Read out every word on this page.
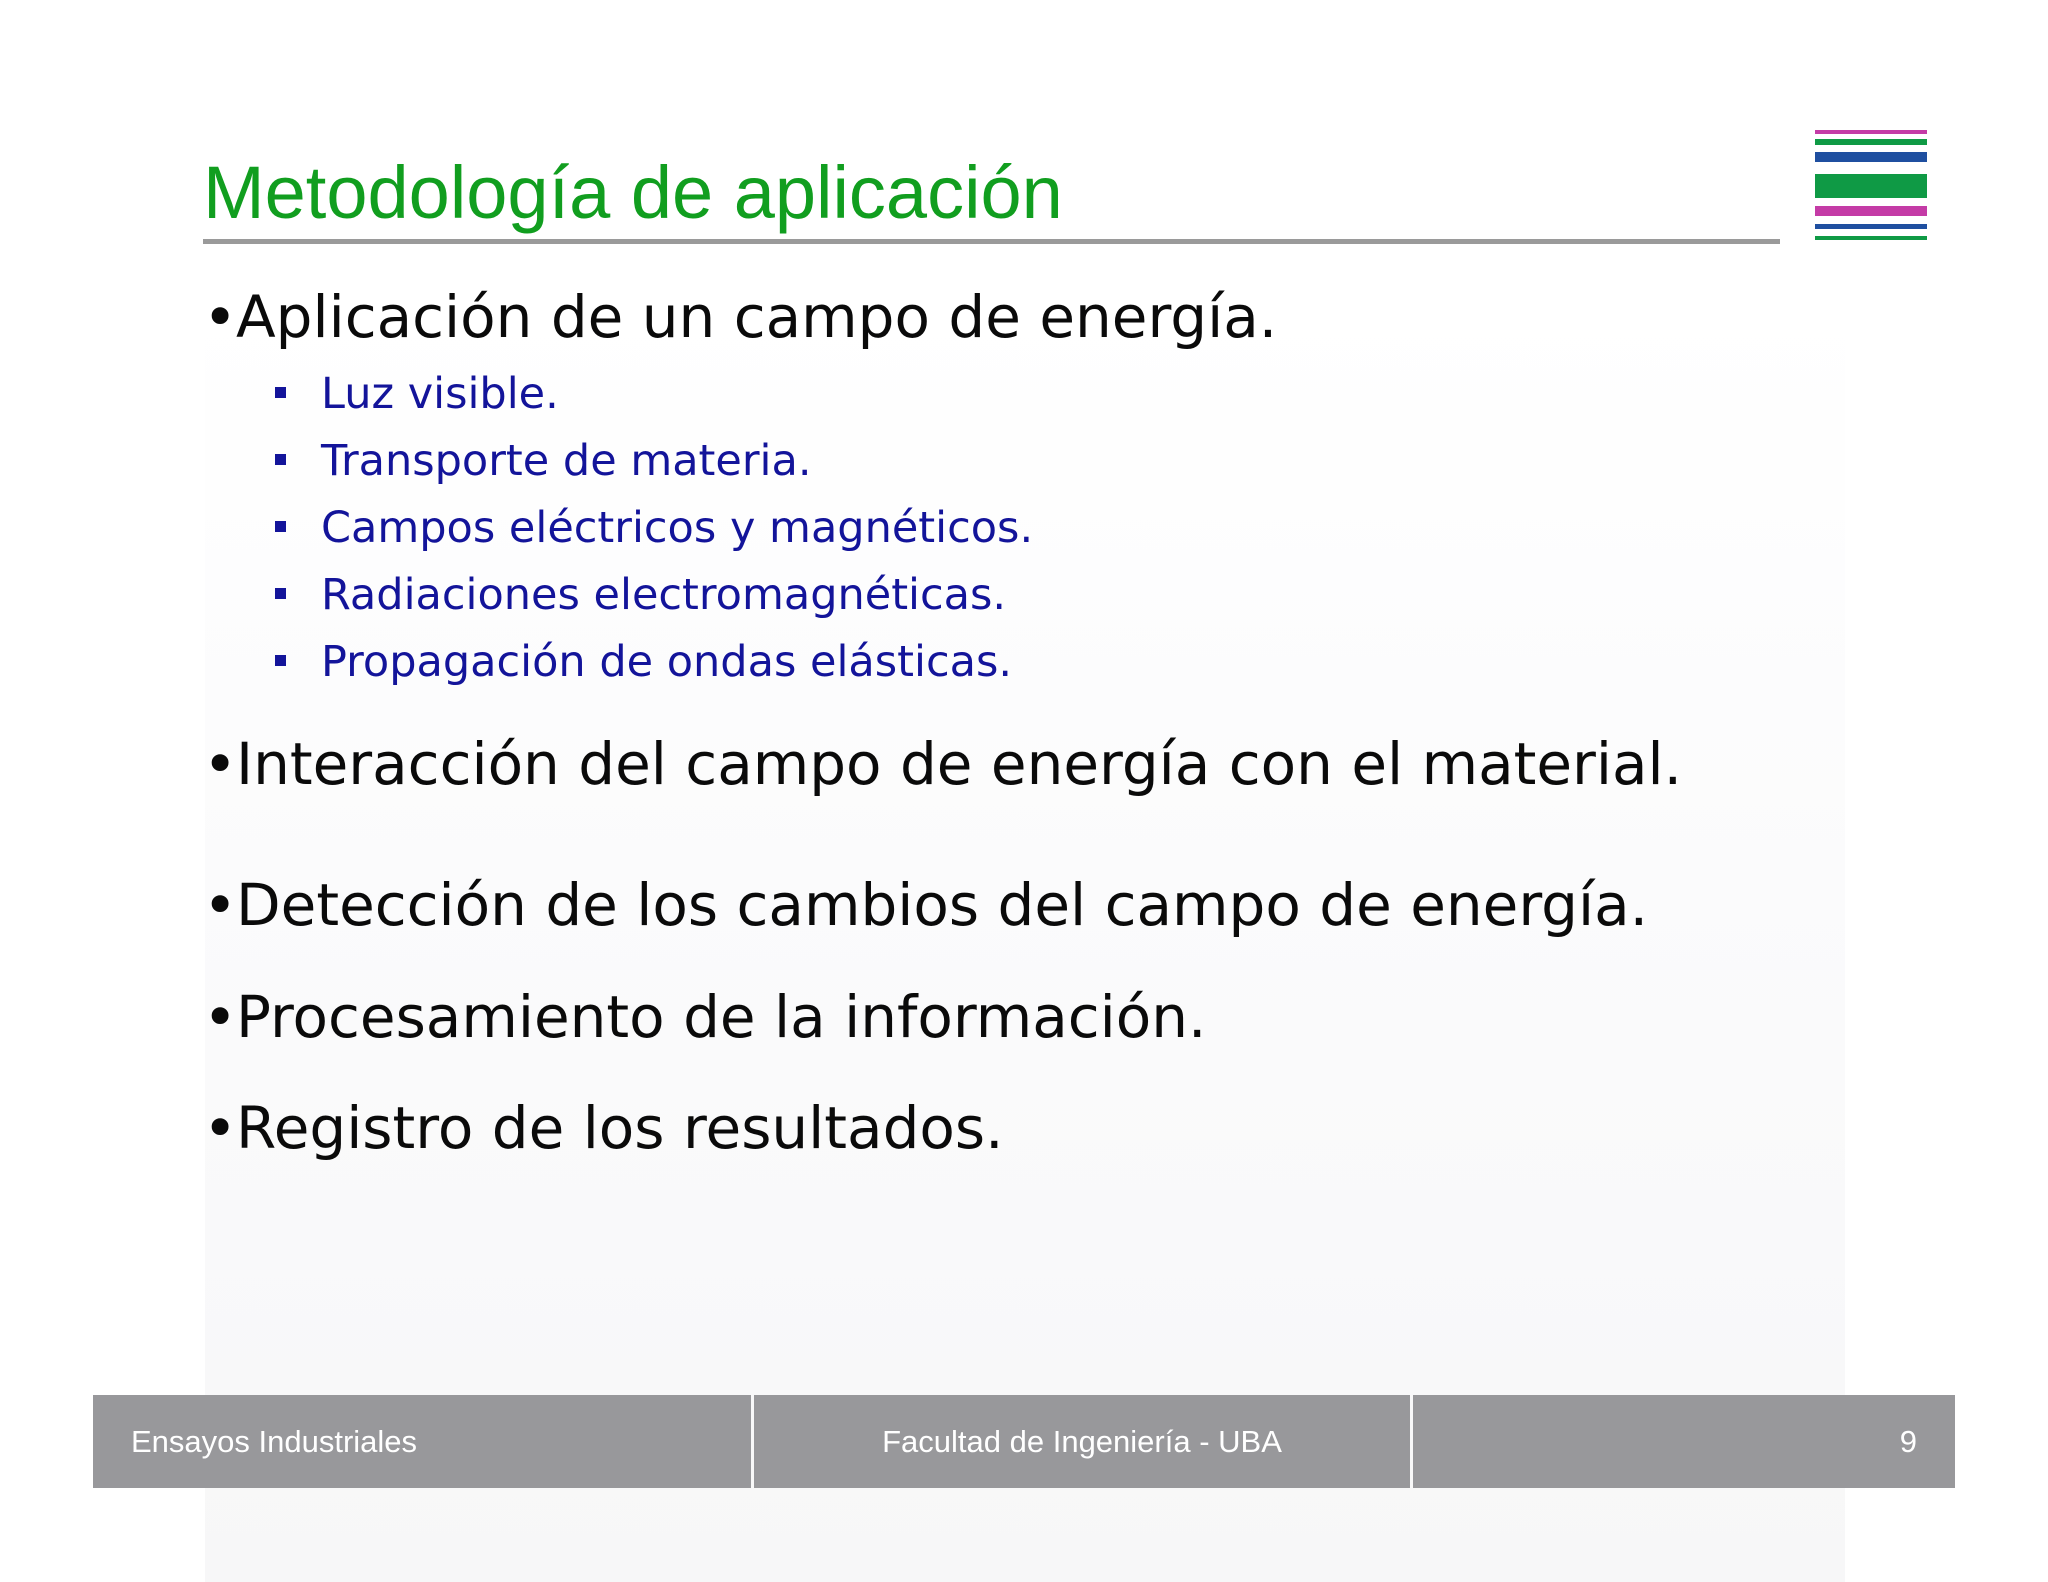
Metodología de aplicación
•Aplicación de un campo de energía.
Luz visible.
Transporte de materia.
Campos eléctricos y magnéticos.
Radiaciones electromagnéticas.
Propagación de ondas elásticas.
•Interacción del campo de energía con el material.
•Detección de los cambios del campo de energía.
•Procesamiento de la información.
•Registro de los resultados.
Ensayos Industriales	Facultad de Ingeniería - UBA	9
